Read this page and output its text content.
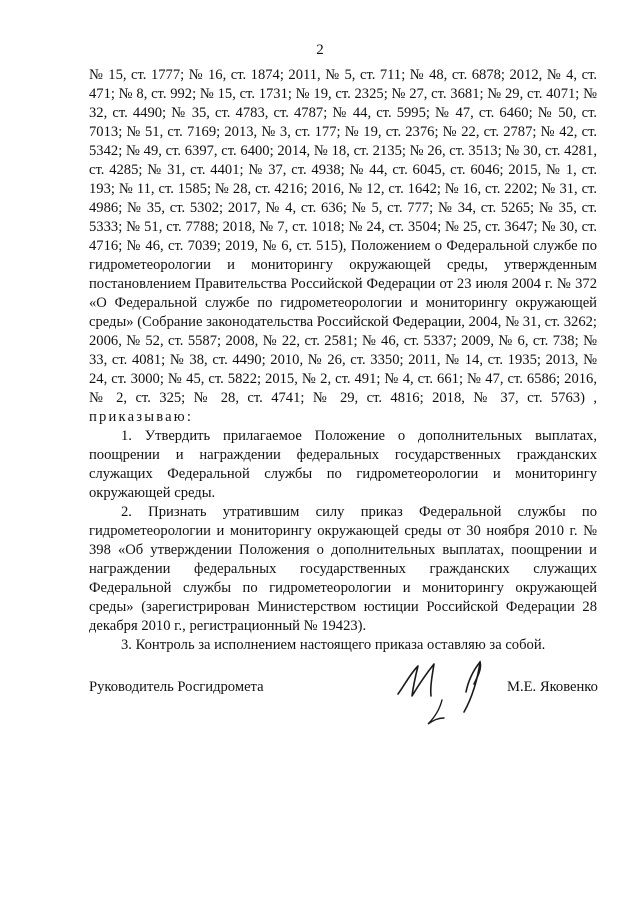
2

№ 15, ст. 1777; № 16, ст. 1874; 2011, № 5, ст. 711; № 48, ст. 6878; 2012, № 4, ст. 471; № 8, ст. 992; № 15, ст. 1731; № 19, ст. 2325; № 27, ст. 3681; № 29, ст. 4071; № 32, ст. 4490; № 35, ст. 4783, ст. 4787; № 44, ст. 5995; № 47, ст. 6460; № 50, ст. 7013; № 51, ст. 7169; 2013, № 3, ст. 177; № 19, ст. 2376; № 22, ст. 2787; № 42, ст. 5342; № 49, ст. 6397, ст. 6400; 2014, № 18, ст. 2135; № 26, ст. 3513; № 30, ст. 4281, ст. 4285; № 31, ст. 4401; № 37, ст. 4938; № 44, ст. 6045, ст. 6046; 2015, № 1, ст. 193; № 11, ст. 1585; № 28, ст. 4216; 2016, № 12, ст. 1642; № 16, ст. 2202; № 31, ст. 4986; № 35, ст. 5302; 2017, № 4, ст. 636; № 5, ст. 777; № 34, ст. 5265; № 35, ст. 5333; № 51, ст. 7788; 2018, № 7, ст. 1018; № 24, ст. 3504; № 25, ст. 3647; № 30, ст. 4716; № 46, ст. 7039; 2019, № 6, ст. 515), Положением о Федеральной службе по гидрометеорологии и мониторингу окружающей среды, утвержденным постановлением Правительства Российской Федерации от 23 июля 2004 г. № 372 «О Федеральной службе по гидрометеорологии и мониторингу окружающей среды» (Собрание законодательства Российской Федерации, 2004, № 31, ст. 3262; 2006, № 52, ст. 5587; 2008, № 22, ст. 2581; № 46, ст. 5337; 2009, № 6, ст. 738; № 33, ст. 4081; № 38, ст. 4490; 2010, № 26, ст. 3350; 2011, № 14, ст. 1935; 2013, № 24, ст. 3000; № 45, ст. 5822; 2015, № 2, ст. 491; № 4, ст. 661; № 47, ст. 6586; 2016, № 2, ст. 325; № 28, ст. 4741; № 29, ст. 4816; 2018, № 37, ст. 5763) , приказываю:

1. Утвердить прилагаемое Положение о дополнительных выплатах, поощрении и награждении федеральных государственных гражданских служащих Федеральной службы по гидрометеорологии и мониторингу окружающей среды.

2. Признать утратившим силу приказ Федеральной службы по гидрометеорологии и мониторингу окружающей среды от 30 ноября 2010 г. № 398 «Об утверждении Положения о дополнительных выплатах, поощрении и награждении федеральных государственных гражданских служащих Федеральной службы по гидрометеорологии и мониторингу окружающей среды» (зарегистрирован Министерством юстиции Российской Федерации 28 декабря 2010 г., регистрационный № 19423).

3. Контроль за исполнением настоящего приказа оставляю за собой.

Руководитель Росгидромета	М.Е. Яковенко
